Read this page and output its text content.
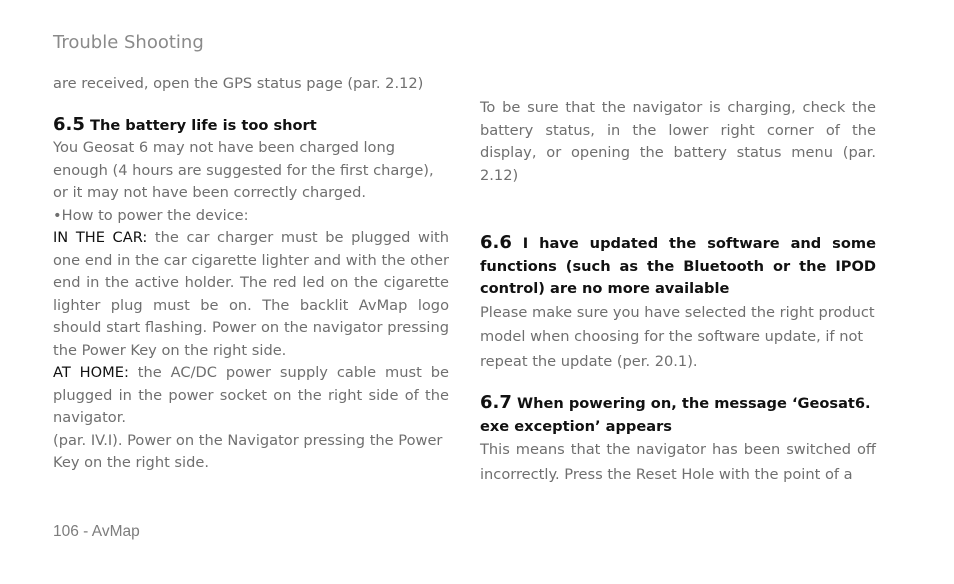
Trouble Shooting

are received, open the GPS status page (par. 2.12)

6.5 The battery life is too short

You Geosat 6 may not have been charged long enough (4 hours are suggested for the first charge), or it may not have been correctly charged.

•How to power the device:

IN THE CAR: the car charger must be plugged with one end in the car cigarette lighter and with the other end in the active holder. The red led on the cigarette lighter plug must be on. The backlit AvMap logo should start flashing. Power on the navigator pressing the Power Key on the right side.

AT HOME: the AC/DC power supply cable must be plugged in the power socket on the right side of the navigator.

(par. IV.I). Power on the Navigator pressing the Power Key on the right side.

To be sure that the navigator is charging, check the battery status, in the lower right corner of the display, or opening the battery status menu (par. 2.12)

6.6 I have updated the software and some functions (such as the Bluetooth or the IPOD control) are no more available

Please make sure you have selected the right product model when choosing for the software update, if not repeat the update (per. 20.1).

6.7 When powering on, the message ‘Geosat6. exe exception’ appears

This means that the navigator has been switched off incorrectly. Press the Reset Hole with the point of a

106 - AvMap
